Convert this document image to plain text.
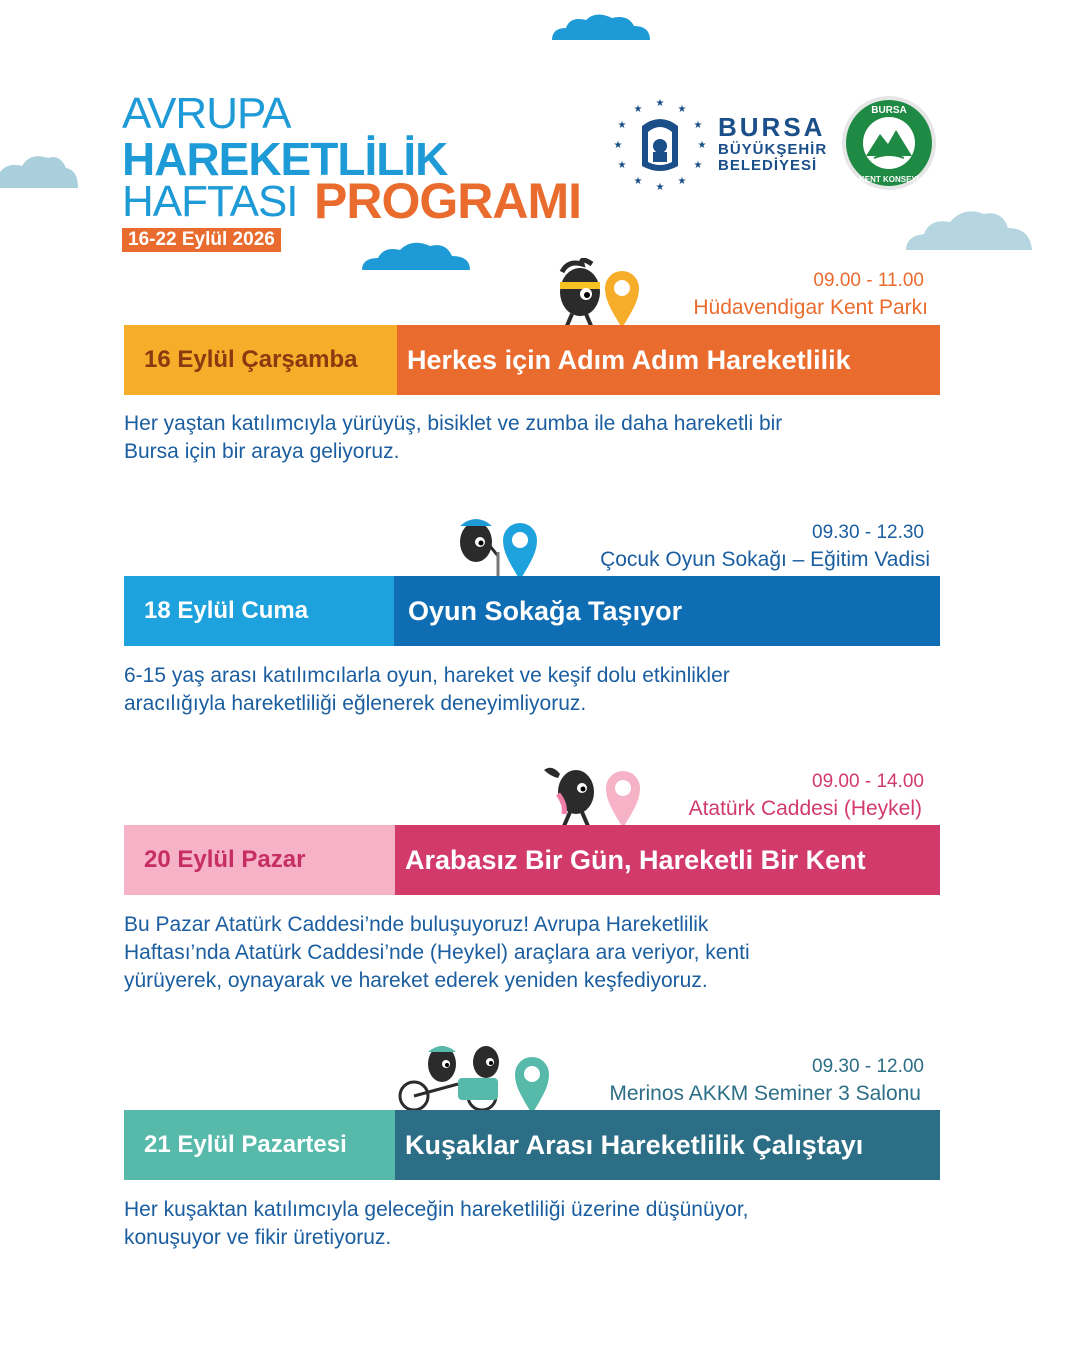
AVRUPA
HAREKETLİLİK
HAFTASI PROGRAMI
16-22 Eylül 2026
★
★
★
★
★
★
★
★
★
★
★
★
BURSA
BÜYÜKŞEHİR
BELEDİYESİ
BURSA
KENT KONSEYİ
09.00 - 11.00
Hüdavendigar Kent Parkı
16 Eylül Çarşamba	Herkes için Adım Adım Hareketlilik
Her yaştan katılımcıyla yürüyüş, bisiklet ve zumba ile daha hareketli bir
Bursa için bir araya geliyoruz.
09.30 - 12.30
Çocuk Oyun Sokağı – Eğitim Vadisi
18 Eylül Cuma	Oyun Sokağa Taşıyor
6-15 yaş arası katılımcılarla oyun, hareket ve keşif dolu etkinlikler
aracılığıyla hareketliliği eğlenerek deneyimliyoruz.
09.00 - 14.00
Atatürk Caddesi (Heykel)
20 Eylül Pazar	Arabasız Bir Gün, Hareketli Bir Kent
Bu Pazar Atatürk Caddesi’nde buluşuyoruz! Avrupa Hareketlilik
Haftası’nda Atatürk Caddesi’nde (Heykel) araçlara ara veriyor, kenti
yürüyerek, oynayarak ve hareket ederek yeniden keşfediyoruz.
09.30 - 12.00
Merinos AKKM Seminer 3 Salonu
21 Eylül Pazartesi	Kuşaklar Arası Hareketlilik Çalıştayı
Her kuşaktan katılımcıyla geleceğin hareketliliği üzerine düşünüyor,
konuşuyor ve fikir üretiyoruz.
